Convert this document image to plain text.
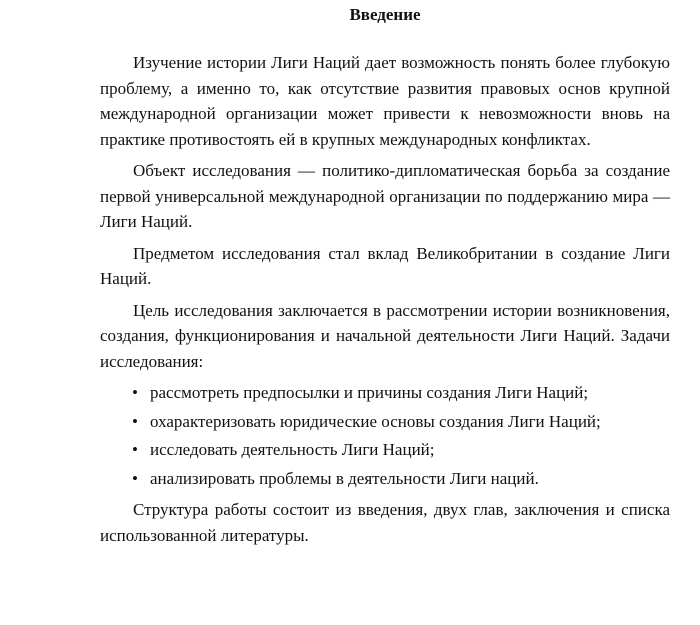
Введение

Изучение истории Лиги Наций дает возможность понять более глубокую проблему, а именно то, как отсутствие развития правовых основ крупной международной организации может привести к невозможности вновь на практике противостоять ей в крупных международных конфликтах.

Объект исследования — политико-дипломатическая борьба за создание первой универсальной международной организации по поддержанию мира — Лиги Наций.

Предметом исследования стал вклад Великобритании в создание Лиги Наций.

Цель исследования заключается в рассмотрении истории возникновения, создания, функционирования и начальной деятельности Лиги Наций. Задачи исследования:

• рассмотреть предпосылки и причины создания Лиги Наций;
• охарактеризовать юридические основы создания Лиги Наций;
• исследовать деятельность Лиги Наций;
• анализировать проблемы в деятельности Лиги наций.

Структура работы состоит из введения, двух глав, заключения и списка использованной литературы.
